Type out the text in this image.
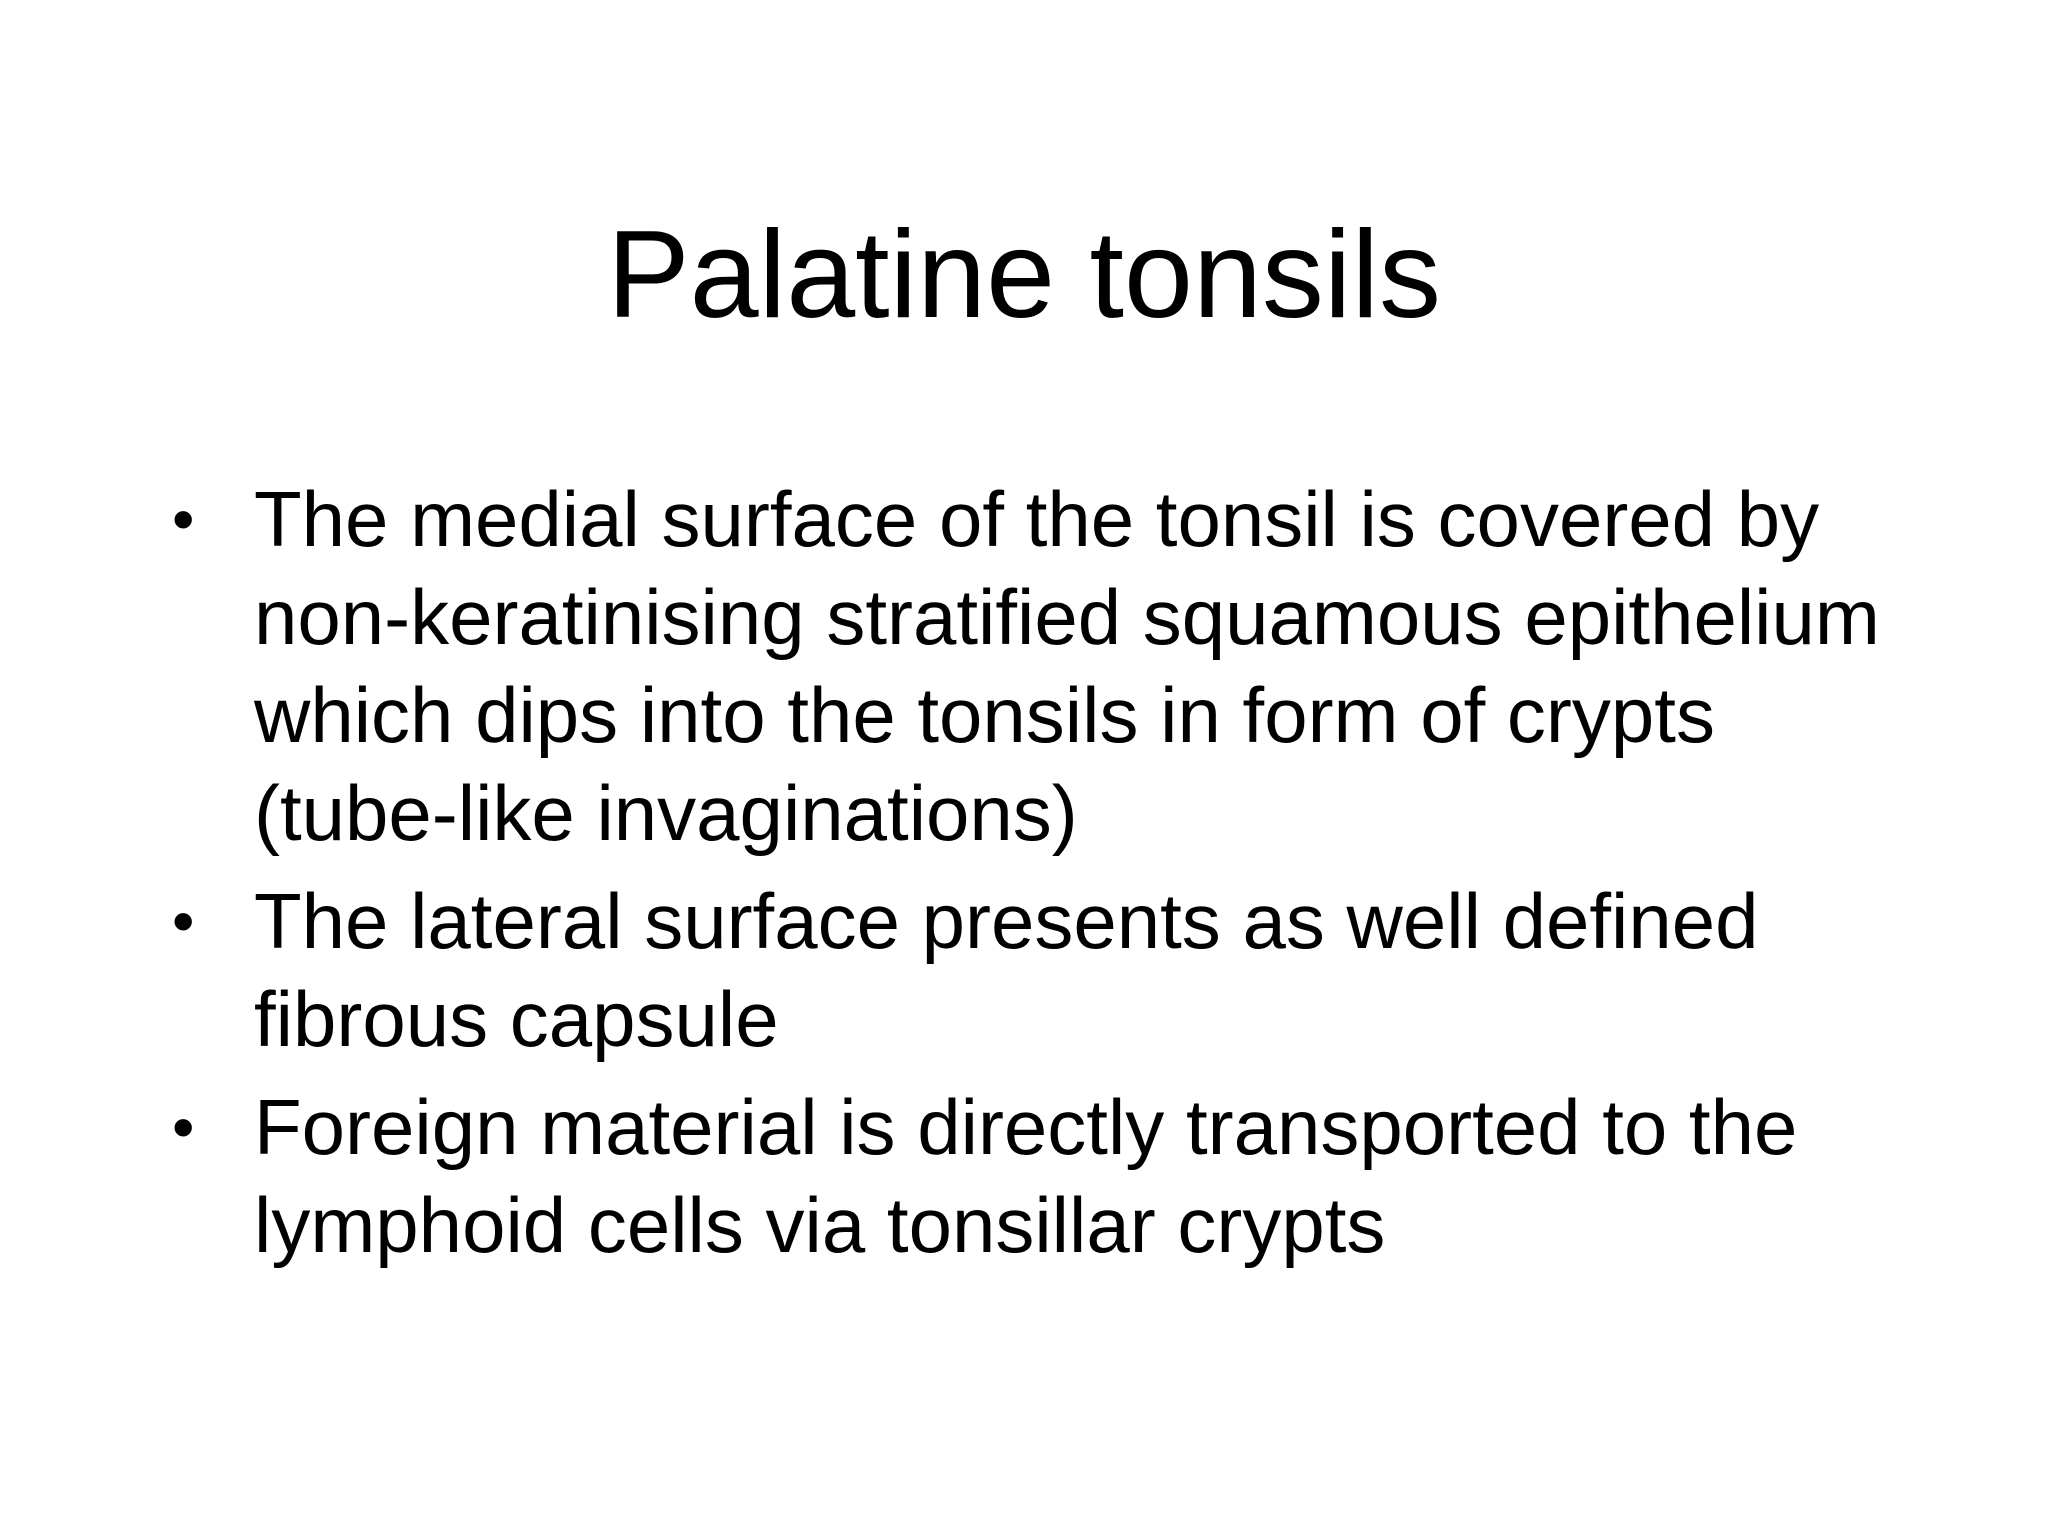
Palatine tonsils
• The medial surface of the tonsil is covered by non-keratinising stratified squamous epithelium which dips into the tonsils in form of crypts (tube-like invaginations)
• The lateral surface presents as well defined fibrous capsule
• Foreign material is directly transported to the lymphoid cells via tonsillar crypts
